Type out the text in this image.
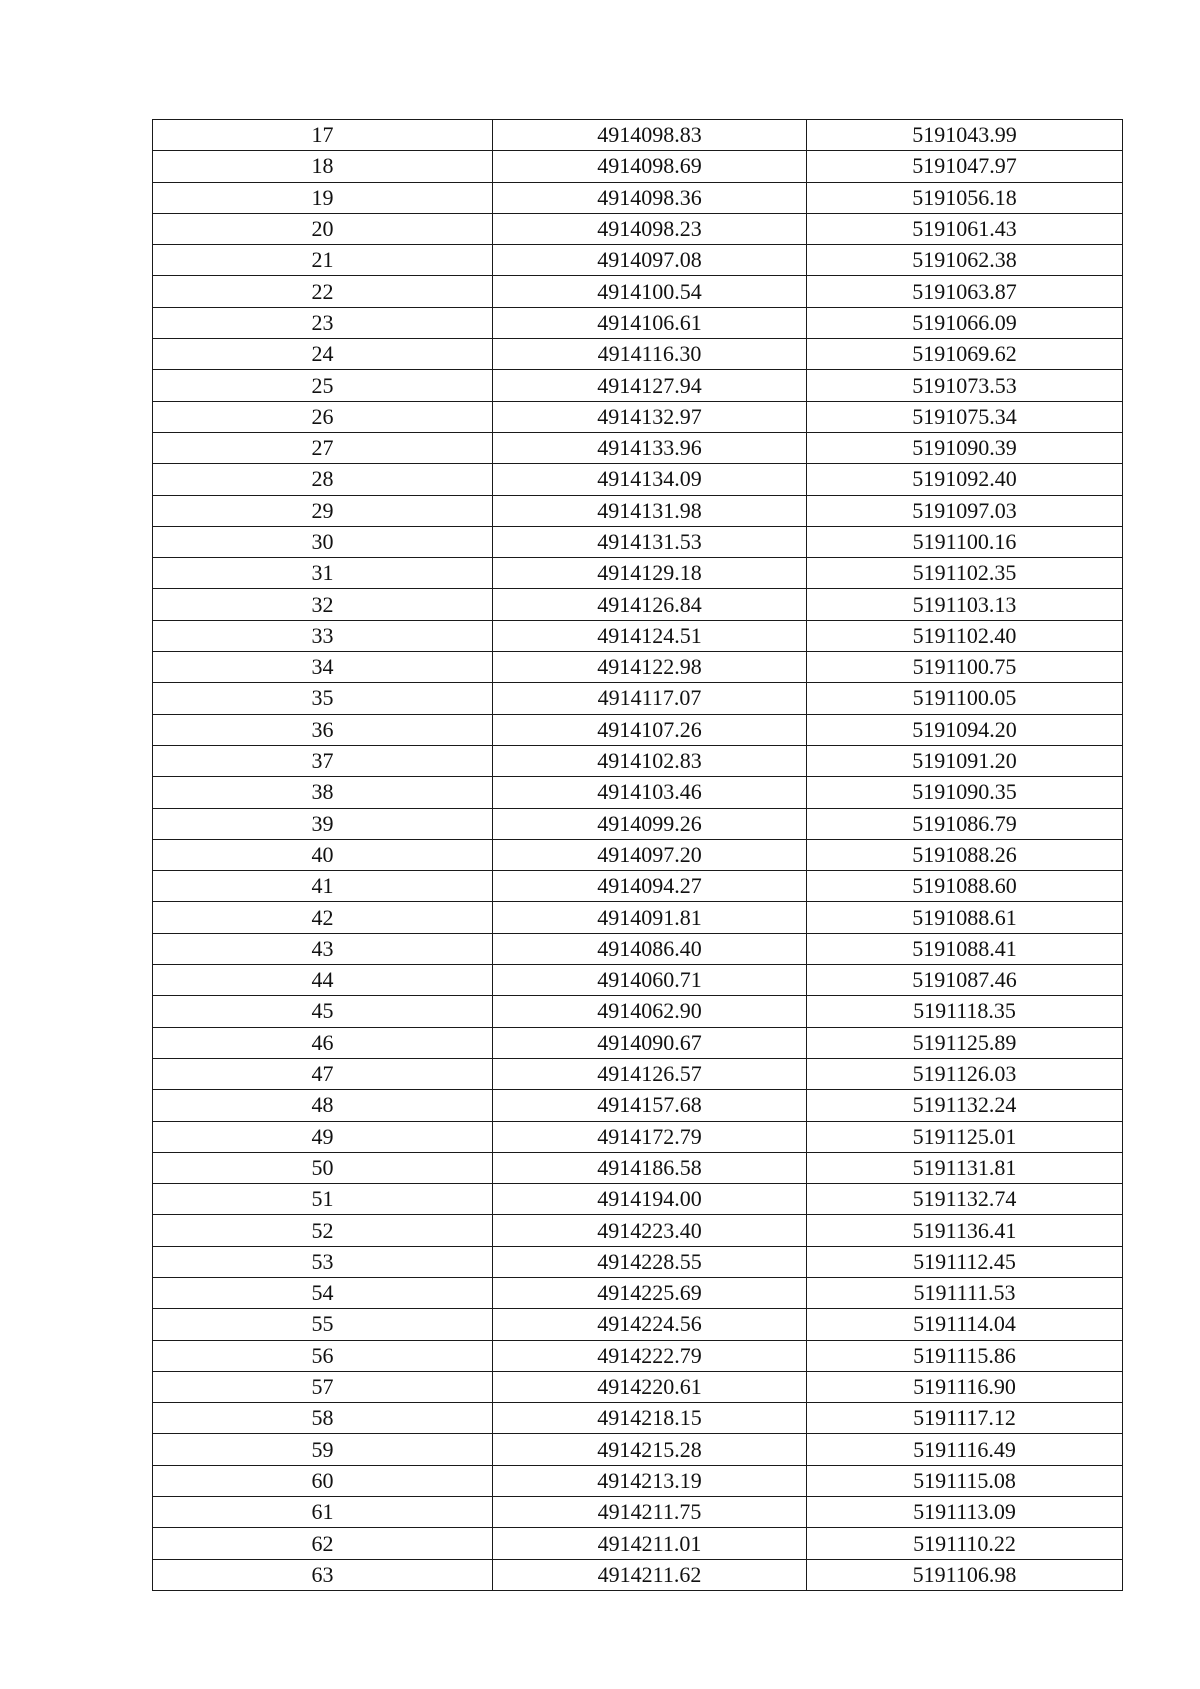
17	4914098.83	5191043.99
18	4914098.69	5191047.97
19	4914098.36	5191056.18
20	4914098.23	5191061.43
21	4914097.08	5191062.38
22	4914100.54	5191063.87
23	4914106.61	5191066.09
24	4914116.30	5191069.62
25	4914127.94	5191073.53
26	4914132.97	5191075.34
27	4914133.96	5191090.39
28	4914134.09	5191092.40
29	4914131.98	5191097.03
30	4914131.53	5191100.16
31	4914129.18	5191102.35
32	4914126.84	5191103.13
33	4914124.51	5191102.40
34	4914122.98	5191100.75
35	4914117.07	5191100.05
36	4914107.26	5191094.20
37	4914102.83	5191091.20
38	4914103.46	5191090.35
39	4914099.26	5191086.79
40	4914097.20	5191088.26
41	4914094.27	5191088.60
42	4914091.81	5191088.61
43	4914086.40	5191088.41
44	4914060.71	5191087.46
45	4914062.90	5191118.35
46	4914090.67	5191125.89
47	4914126.57	5191126.03
48	4914157.68	5191132.24
49	4914172.79	5191125.01
50	4914186.58	5191131.81
51	4914194.00	5191132.74
52	4914223.40	5191136.41
53	4914228.55	5191112.45
54	4914225.69	5191111.53
55	4914224.56	5191114.04
56	4914222.79	5191115.86
57	4914220.61	5191116.90
58	4914218.15	5191117.12
59	4914215.28	5191116.49
60	4914213.19	5191115.08
61	4914211.75	5191113.09
62	4914211.01	5191110.22
63	4914211.62	5191106.98
